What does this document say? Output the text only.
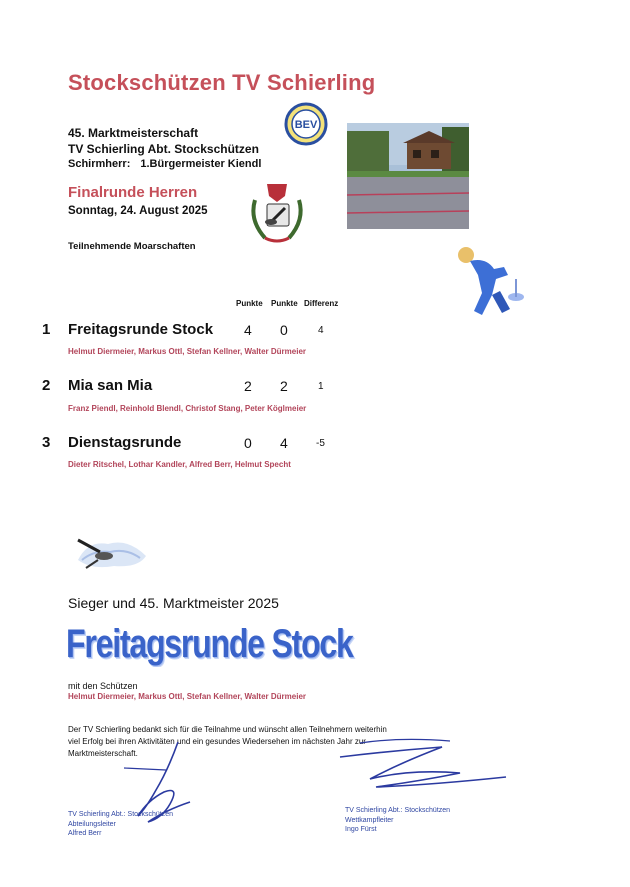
Stockschützen TV Schierling
45. Marktmeisterschaft
TV Schierling Abt. Stockschützen
Schirmherr: 1.Bürgermeister Kiendl
Finalrunde Herren
Sonntag, 24. August 2025
Teilnehmende Moarschaften
BEV
Punkte Punkte Differenz
1 Freitagsrunde Stock 4 0	4
Helmut Diermeier, Markus Ottl, Stefan Kellner, Walter Dürmeier
2 Mia san Mia	2 2	1
Franz Piendl, Reinhold Blendl, Christof Stang, Peter Köglmeier
3 Dienstagsrunde	0 4	-5
Dieter Ritschel, Lothar Kandler, Alfred Berr, Helmut Specht
Sieger und 45. Marktmeister 2025
Freitagsrunde Stock
mit den Schützen
Helmut Diermeier, Markus Ottl, Stefan Kellner, Walter Dürmeier
Der TV Schierling bedankt sich für die Teilnahme und wünscht allen Teilnehmern weiterhin viel Erfolg bei ihren Aktivitäten und ein gesundes Wiedersehen im nächsten Jahr zur Marktmeisterschaft.
TV Schierling Abt.: Stockschützen
Abteilungsleiter
Alfred Berr
TV Schierling Abt.: Stockschützen
Wettkampfleiter
Ingo Fürst
